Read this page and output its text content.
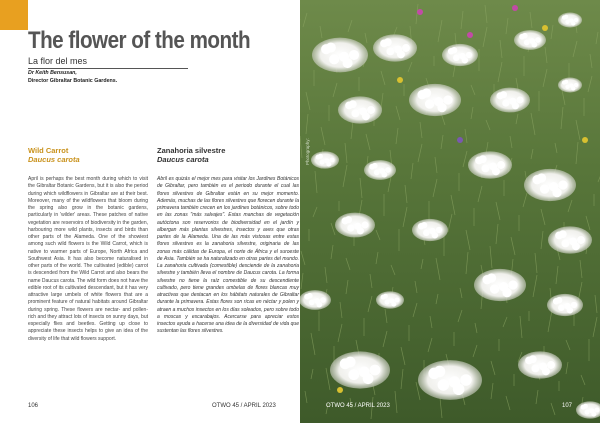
The flower of the month
La flor del mes
Dr Keith Bensusan,
Director Gibraltar Botanic Gardens.
Wild Carrot
Daucus carota
April is perhaps the best month during which to visit the Gibraltar Botanic Gardens, but it is also the period during which wildflowers in Gibraltar are at their best. Moreover, many of the wildflowers that bloom during the spring also grow in the botanic gardens, particularly in 'wilder' areas. These patches of native vegetation are reservoirs of biodiversity in the garden, harbouring more wild plants, insects and birds than other parts of the Alameda. One of the showiest among such wild flowers is the Wild Carrot, which is native to warmer parts of Europe, North Africa and Southwest Asia. It has also become naturalised in other parts of the world. The cultivated (edible) carrot is descended from the Wild Carrot and also bears the name Daucus carota. The wild form does not have the edible root of its cultivated descendant, but it has very attractive large umbels of white flowers that are a prominent feature of natural habitats around Gibraltar during spring. These flowers are nectar- and pollen-rich and they attract lots of insects on sunny days, but especially flies and beetles. Getting up close to appreciate these insects helps to give an idea of the diversity of life that wild flowers support.
106	OTWO 45 / APRIL 2023
Photography:
OTWO 45 / APRIL 2023	107
Zanahoria silvestre
Daucus carota
Abril es quizás el mejor mes para visitar los Jardines Botánicos de Gibraltar, pero también es el periodo durante el cual las flores silvestres de Gibraltar están en su mejor momento. Además, muchas de las flores silvestres que florecen durante la primavera también crecen en los jardines botánicos, sobre todo en las zonas "más salvajes". Estas manchas de vegetación autóctona son reservorios de biodiversidad en el jardín y albergan más plantas silvestres, insectos y aves que otras partes de la Alameda. Una de las más vistosas entre estas flores silvestres es la zanahoria silvestre, originaria de las zonas más cálidas de Europa, el norte de África y el suroeste de Asia. También se ha naturalizado en otras partes del mundo. La zanahoria cultivada (comestible) desciende de la zanahoria silvestre y también lleva el nombre de Daucus carota. La forma silvestre no tiene la raíz comestible de su descendiente cultivado, pero tiene grandes umbelas de flores blancas muy atractivas que destacan en los hábitats naturales de Gibraltar durante la primavera. Estas flores son ricas en néctar y polen y atraen a muchos insectos en los días soleados, pero sobre todo a moscas y escarabajos. Acercarse para apreciar estos insectos ayuda a hacerse una idea de la diversidad de vida que sustentan las flores silvestres.
